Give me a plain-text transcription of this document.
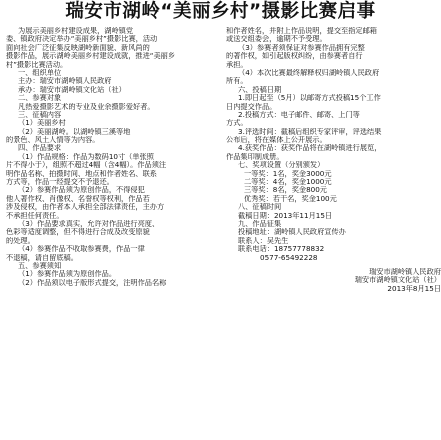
瑞安市湖岭“美丽乡村”摄影比赛启事
为展示美丽乡村建设成果，湖岭镇党
委、镇政府决定举办“美丽乡村”摄影比赛，活动
面向社会广泛征集反映湖岭新面貌、新风尚的
摄影作品，展示湖岭美丽乡村建设成就，推进“美丽乡
村”摄影比赛活动。
一、组织单位
主办：瑞安市湖岭镇人民政府
承办：瑞安市湖岭镇文化站（社）
二、参赛对象
凡热爱摄影艺术的专业及业余摄影爱好者。
三、征稿内容
（1）美丽乡村
（2）美丽湖岭。以湖岭镇三溪等地
的景色、风土人情等为内容。
四、作品要求
（1）作品规格：作品为数码10寸（单张照
片不得小于），组照不超过4幅（含4幅）。作品须注
明作品名称、拍摄时间、地点和作者姓名、联系
方式等，作品一经提交不予退还。
（2）参赛作品须为原创作品，不得侵犯
他人著作权、肖像权、名誉权等权利，作品若
涉及侵权，由作者本人承担全部法律责任，主办方
不承担任何责任。
（3）作品要求真实，允许对作品进行亮度、
色彩等适度调整，但不得进行合成及改变原貌
的处理。
（4）参赛作品不收取参赛费，作品一律
不退稿，请自留底稿。
五、参赛须知
（1）参赛作品须为原创作品。
（2）作品须以电子版形式提交，注明作品名称
和作者姓名，并附上作品说明，提交至指定邮箱
或送交组委会，逾期不予受理。
（3）参赛者须保证对参赛作品拥有完整
的著作权，如引起版权纠纷，由参赛者自行
承担。
（4）本次比赛最终解释权归湖岭镇人民政府
所有。
六、投稿日期
1.即日起至（5月）以邮寄方式投稿15个工作
日内提交作品。
2.投稿方式：电子邮件、邮寄、上门等
方式。
3.评选时间：截稿后组织专家评审，评选结果
公布后，将在媒体上公开展示。
4.获奖作品：获奖作品将在湖岭镇进行展览，
作品集印制成册。
七、奖项设置（分别颁发）
一等奖：1名，奖金3000元
二等奖：4名，奖金1000元
三等奖：8名，奖金800元
优秀奖：若干名，奖金100元
八、征稿时间
截稿日期：2013年11月15日
九、作品征集
投稿地址：湖岭镇人民政府宣传办
联系人：吴先生
联系电话：18757778832
0577-65492228
瑞安市湖岭镇人民政府
瑞安市湖岭镇文化站（社）
2013年8月15日
